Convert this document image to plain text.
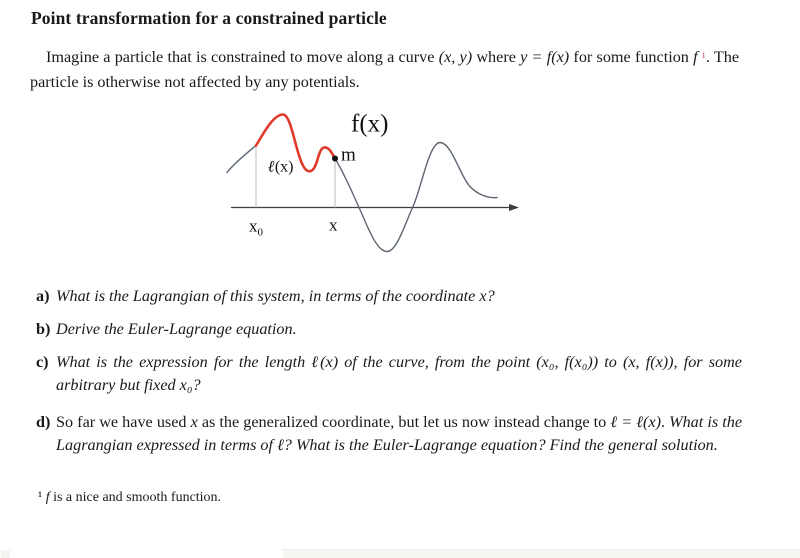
Point transformation for a constrained particle
Imagine a particle that is constrained to move along a curve (x, y) where y = f(x) for some function f ¹. The particle is otherwise not affected by any potentials.
f(x)
m
ℓ(x)
$x_0$	x
a) What is the Lagrangian of this system, in terms of the coordinate x?
b) Derive the Euler-Lagrange equation.
c) What is the expression for the length ℓ(x) of the curve, from the point (x₀, f(x₀)) to (x, f(x)), for some arbitrary but fixed x₀?
d) So far we have used x as the generalized coordinate, but let us now instead change to ℓ = ℓ(x). What is the Lagrangian expressed in terms of ℓ? What is the Euler-Lagrange equation? Find the general solution.
¹ f is a nice and smooth function.
